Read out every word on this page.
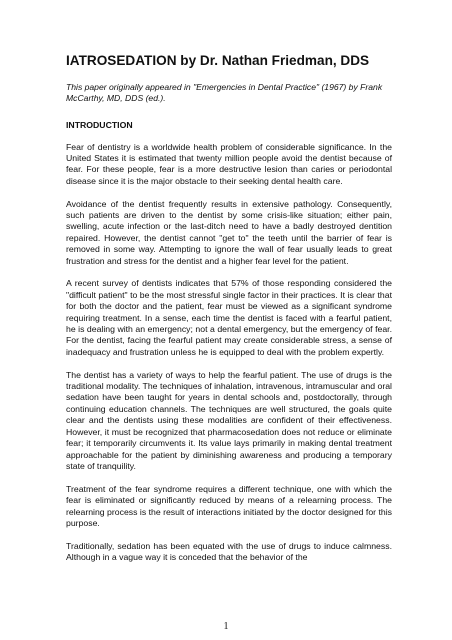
IATROSEDATION by Dr. Nathan Friedman, DDS

This paper originally appeared in "Emergencies in Dental Practice" (1967) by Frank McCarthy, MD, DDS (ed.).

INTRODUCTION

Fear of dentistry is a worldwide health problem of considerable significance. In the United States it is estimated that twenty million people avoid the dentist because of fear. For these people, fear is a more destructive lesion than caries or periodontal disease since it is the major obstacle to their seeking dental health care.

Avoidance of the dentist frequently results in extensive pathology. Consequently, such patients are driven to the dentist by some crisis-like situation; either pain, swelling, acute infection or the last-ditch need to have a badly destroyed dentition repaired. However, the dentist cannot "get to" the teeth until the barrier of fear is removed in some way. Attempting to ignore the wall of fear usually leads to great frustration and stress for the dentist and a higher fear level for the patient.

A recent survey of dentists indicates that 57% of those responding considered the "difficult patient" to be the most stressful single factor in their practices. It is clear that for both the doctor and the patient, fear must be viewed as a significant syndrome requiring treatment. In a sense, each time the dentist is faced with a fearful patient, he is dealing with an emergency; not a dental emergency, but the emergency of fear. For the dentist, facing the fearful patient may create considerable stress, a sense of inadequacy and frustration unless he is equipped to deal with the problem expertly.

The dentist has a variety of ways to help the fearful patient. The use of drugs is the traditional modality. The techniques of inhalation, intravenous, intramuscular and oral sedation have been taught for years in dental schools and, postdoctorally, through continuing education channels. The techniques are well structured, the goals quite clear and the dentists using these modalities are confident of their effectiveness. However, it must be recognized that pharmacosedation does not reduce or eliminate fear; it temporarily circumvents it. Its value lays primarily in making dental treatment approachable for the patient by diminishing awareness and producing a temporary state of tranquility.

Treatment of the fear syndrome requires a different technique, one with which the fear is eliminated or significantly reduced by means of a relearning process. The relearning process is the result of interactions initiated by the doctor designed for this purpose.

Traditionally, sedation has been equated with the use of drugs to induce calmness. Although in a vague way it is conceded that the behavior of the

1
